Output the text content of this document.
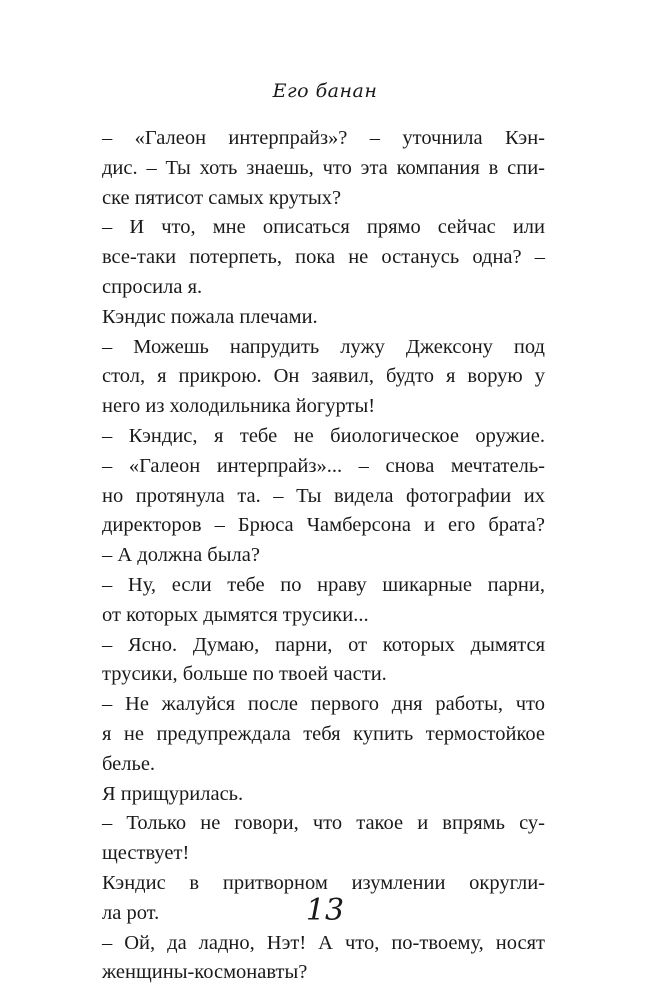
Его банан
– «Галеон интерпрайз»? – уточнила Кэн-
дис. – Ты хоть знаешь, что эта компания в спи-
ске пятисот самых крутых?
– И что, мне описаться прямо сейчас или
все-таки потерпеть, пока не останусь одна? –
спросила я.
Кэндис пожала плечами.
– Можешь напрудить лужу Джексону под
стол, я прикрою. Он заявил, будто я ворую у
него из холодильника йогурты!
– Кэндис, я тебе не биологическое оружие.
– «Галеон интерпрайз»... – снова мечтатель-
но протянула та. – Ты видела фотографии их
директоров – Брюса Чамберсона и его брата?
– А должна была?
– Ну, если тебе по нраву шикарные парни,
от которых дымятся трусики...
– Ясно. Думаю, парни, от которых дымятся
трусики, больше по твоей части.
– Не жалуйся после первого дня работы, что
я не предупреждала тебя купить термостойкое
белье.
Я прищурилась.
– Только не говори, что такое и впрямь су-
ществует!
Кэндис в притворном изумлении округли-
ла рот.
– Ой, да ладно, Нэт! А что, по-твоему, носят
женщины-космонавты?
13
